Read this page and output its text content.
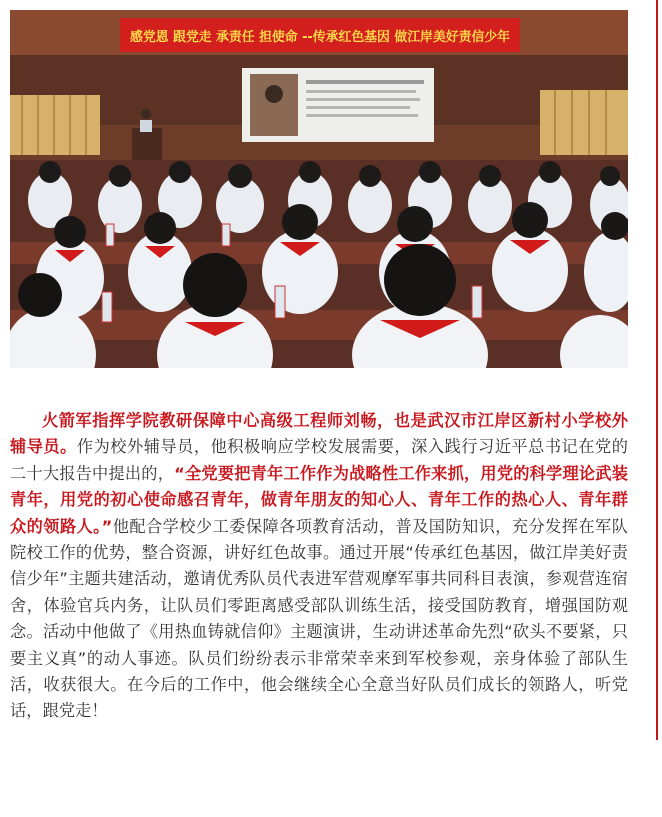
感党恩 跟党走 承责任 担使命 --传承红色基因 做江岸美好责信少年

火箭军指挥学院教研保障中心高级工程师刘畅，也是武汉市江岸区新村小学校外辅导员。作为校外辅导员，他积极响应学校发展需要，深入践行习近平总书记在党的二十大报告中提出的，“全党要把青年工作作为战略性工作来抓，用党的科学理论武装青年，用党的初心使命感召青年，做青年朋友的知心人、青年工作的热心人、青年群众的领路人。”他配合学校少工委保障各项教育活动，普及国防知识，充分发挥在军队院校工作的优势，整合资源，讲好红色故事。通过开展“传承红色基因，做江岸美好责信少年”主题共建活动，邀请优秀队员代表进军营观摩军事共同科目表演，参观营连宿舍，体验官兵内务，让队员们零距离感受部队训练生活，接受国防教育，增强国防观念。活动中他做了《用热血铸就信仰》主题演讲，生动讲述革命先烈“砍头不要紧，只要主义真”的动人事迹。队员们纷纷表示非常荣幸来到军校参观，亲身体验了部队生活，收获很大。在今后的工作中，他会继续全心全意当好队员们成长的领路人，听党话，跟党走！
